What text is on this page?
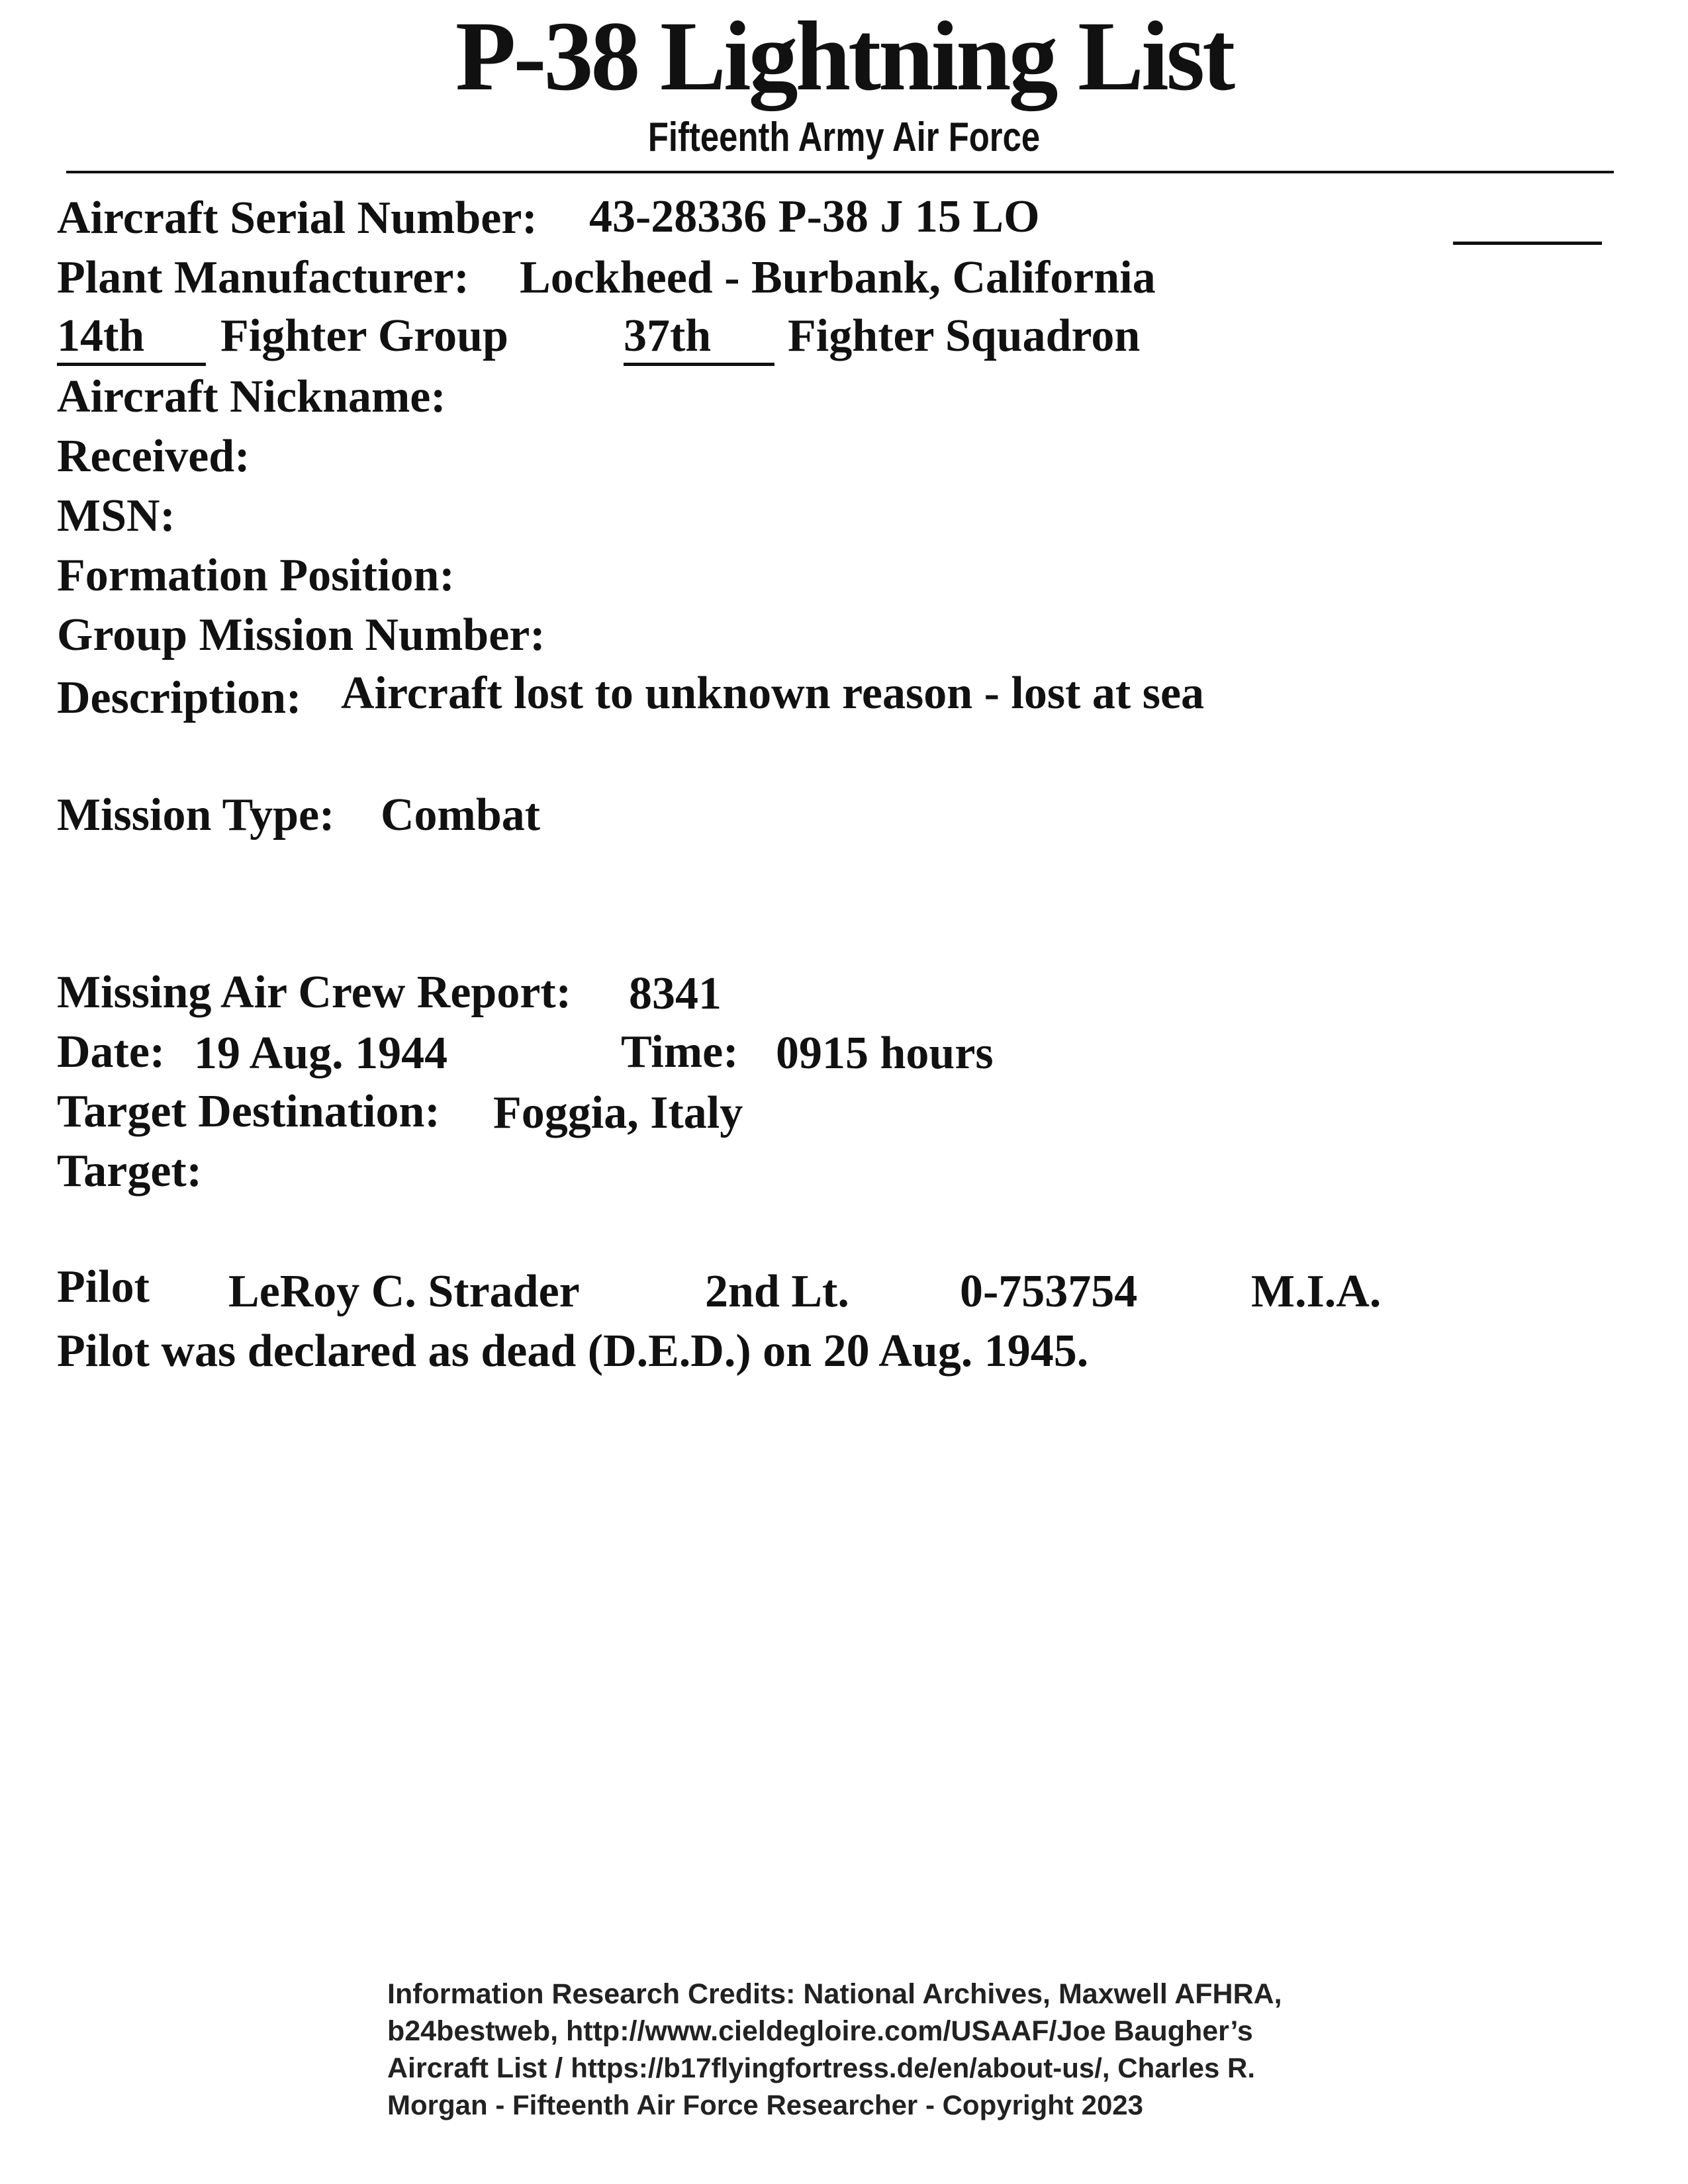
P-38 Lightning List
Fifteenth Army Air Force
Aircraft Serial Number: 43-28336 P-38 J 15 LO
Plant Manufacturer: Lockheed - Burbank, California
14th	Fighter Group 37th	Fighter Squadron
Aircraft Nickname:
Received:
MSN:
Formation Position:
Group Mission Number:
Description: Aircraft lost to unknown reason - lost at sea
Mission Type: Combat
Missing Air Crew Report: 8341
Date: 19 Aug. 1944	Time: 0915 hours
Target Destination: Foggia, Italy
Target:
Pilot LeRoy C. Strader	2nd Lt. 0-753754 M.I.A.
Pilot was declared as dead (D.E.D.) on 20 Aug. 1945.
Information Research Credits: National Archives, Maxwell AFHRA,
b24bestweb, http://www.cieldegloire.com/USAAF/Joe Baugher’s
Aircraft List / https://b17flyingfortress.de/en/about-us/, Charles R.
Morgan - Fifteenth Air Force Researcher - Copyright 2023
